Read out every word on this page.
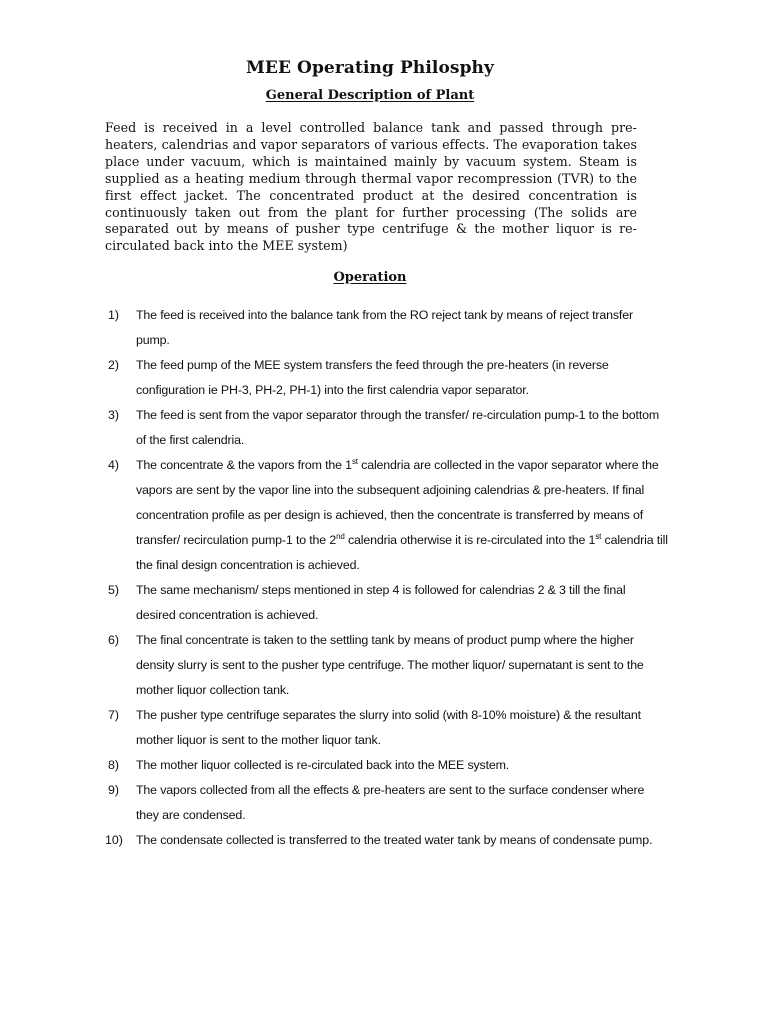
MEE Operating Philosphy
General Description of Plant
Feed is received in a level controlled balance tank and passed through pre-heaters, calendrias and vapor separators of various effects. The evaporation takes place under vacuum, which is maintained mainly by vacuum system. Steam is supplied as a heating medium through thermal vapor recompression (TVR) to the first effect jacket. The concentrated product at the desired concentration is continuously taken out from the plant for further processing (The solids are separated out by means of pusher type centrifuge & the mother liquor is re-circulated back into the MEE system)
Operation
1)	The feed is received into the balance tank from the RO reject tank by means of reject transfer pump.
2)	The feed pump of the MEE system transfers the feed through the pre-heaters (in reverse configuration ie PH-3, PH-2, PH-1) into the first calendria vapor separator.
3)	The feed is sent from the vapor separator through the transfer/ re-circulation pump-1 to the bottom of the first calendria.
4)	The concentrate & the vapors from the 1st calendria are collected in the vapor separator where the vapors are sent by the vapor line into the subsequent adjoining calendrias & pre-heaters. If final concentration profile as per design is achieved, then the concentrate is transferred by means of transfer/ recirculation pump-1 to the 2nd calendria otherwise it is re-circulated into the 1st calendria till the final design concentration is achieved.
5)	The same mechanism/ steps mentioned in step 4 is followed for calendrias 2 & 3 till the final desired concentration is achieved.
6)	The final concentrate is taken to the settling tank by means of product pump where the higher density slurry is sent to the pusher type centrifuge. The mother liquor/ supernatant is sent to the mother liquor collection tank.
7)	The pusher type centrifuge separates the slurry into solid (with 8-10% moisture) & the resultant mother liquor is sent to the mother liquor tank.
8)	The mother liquor collected is re-circulated back into the MEE system.
9)	The vapors collected from all the effects & pre-heaters are sent to the surface condenser where they are condensed.
10)	The condensate collected is transferred to the treated water tank by means of condensate pump.
